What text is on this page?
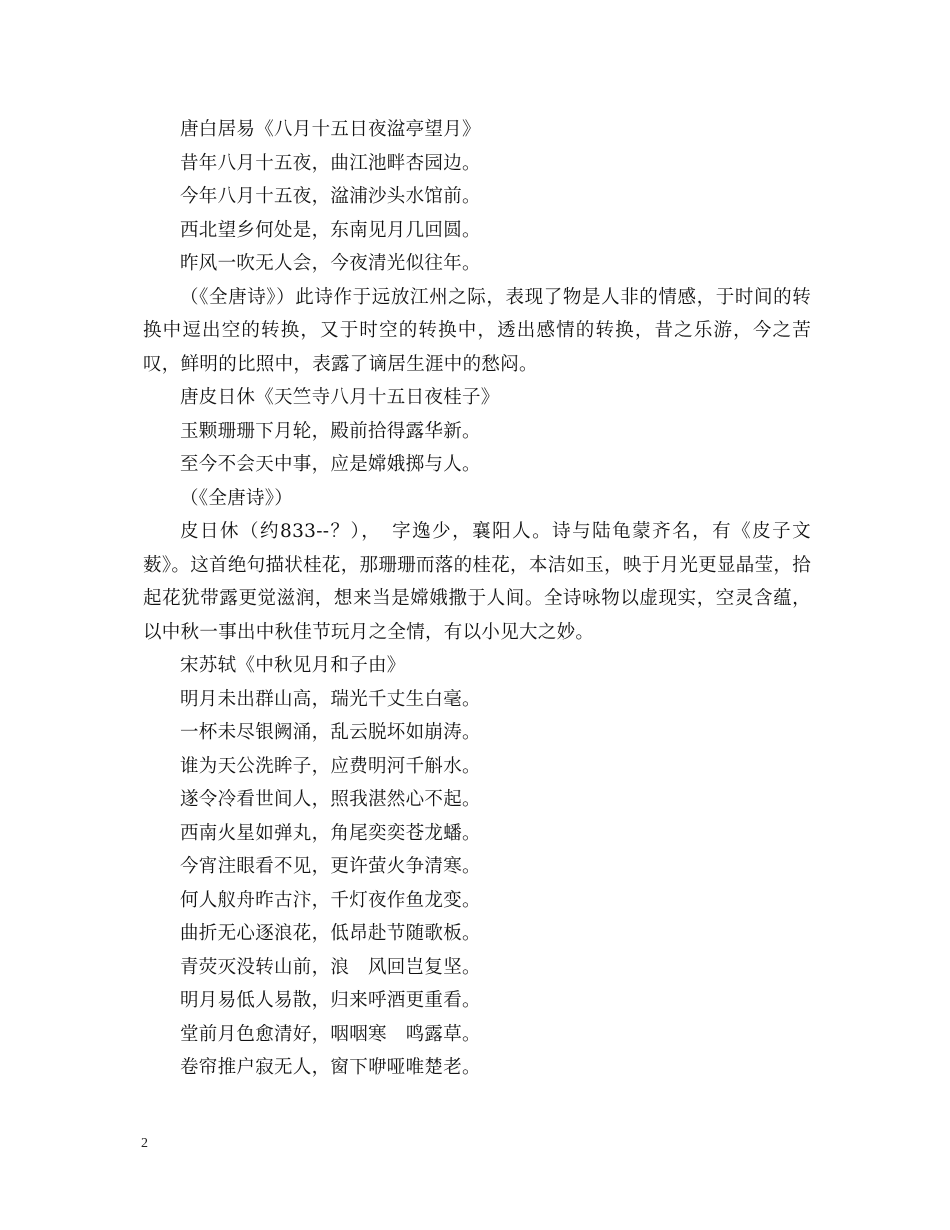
唐白居易《八月十五日夜湓亭望月》

昔年八月十五夜，曲江池畔杏园边。

今年八月十五夜，湓浦沙头水馆前。

西北望乡何处是，东南见月几回圆。

昨风一吹无人会，今夜清光似往年。

（《全唐诗》）此诗作于远放江州之际，表现了物是人非的情感，于时间的转换中逗出空的转换，又于时空的转换中，透出感情的转换，昔之乐游，今之苦叹，鲜明的比照中，表露了谪居生涯中的愁闷。

唐皮日休《天竺寺八月十五日夜桂子》

玉颗珊珊下月轮，殿前拾得露华新。

至今不会天中事，应是嫦娥掷与人。

（《全唐诗》）

皮日休（约833--？），　字逸少，襄阳人。诗与陆龟蒙齐名，有《皮子文薮》。这首绝句描状桂花，那珊珊而落的桂花，本洁如玉，映于月光更显晶莹，拾起花犹带露更觉滋润，想来当是嫦娥撒于人间。全诗咏物以虚现实，空灵含蕴，以中秋一事出中秋佳节玩月之全情，有以小见大之妙。

宋苏轼《中秋见月和子由》

明月未出群山高，瑞光千丈生白毫。

一杯未尽银阙涌，乱云脱坏如崩涛。

谁为天公洗眸子，应费明河千斛水。

遂令冷看世间人，照我湛然心不起。

西南火星如弹丸，角尾奕奕苍龙蟠。

今宵注眼看不见，更许萤火争清寒。

何人舣舟昨古汴，千灯夜作鱼龙变。

曲折无心逐浪花，低昂赴节随歌板。

青荧灭没转山前，浪　风回岂复坚。

明月易低人易散，归来呼酒更重看。

堂前月色愈清好，咽咽寒　鸣露草。

卷帘推户寂无人，窗下咿哑唯楚老。

2
